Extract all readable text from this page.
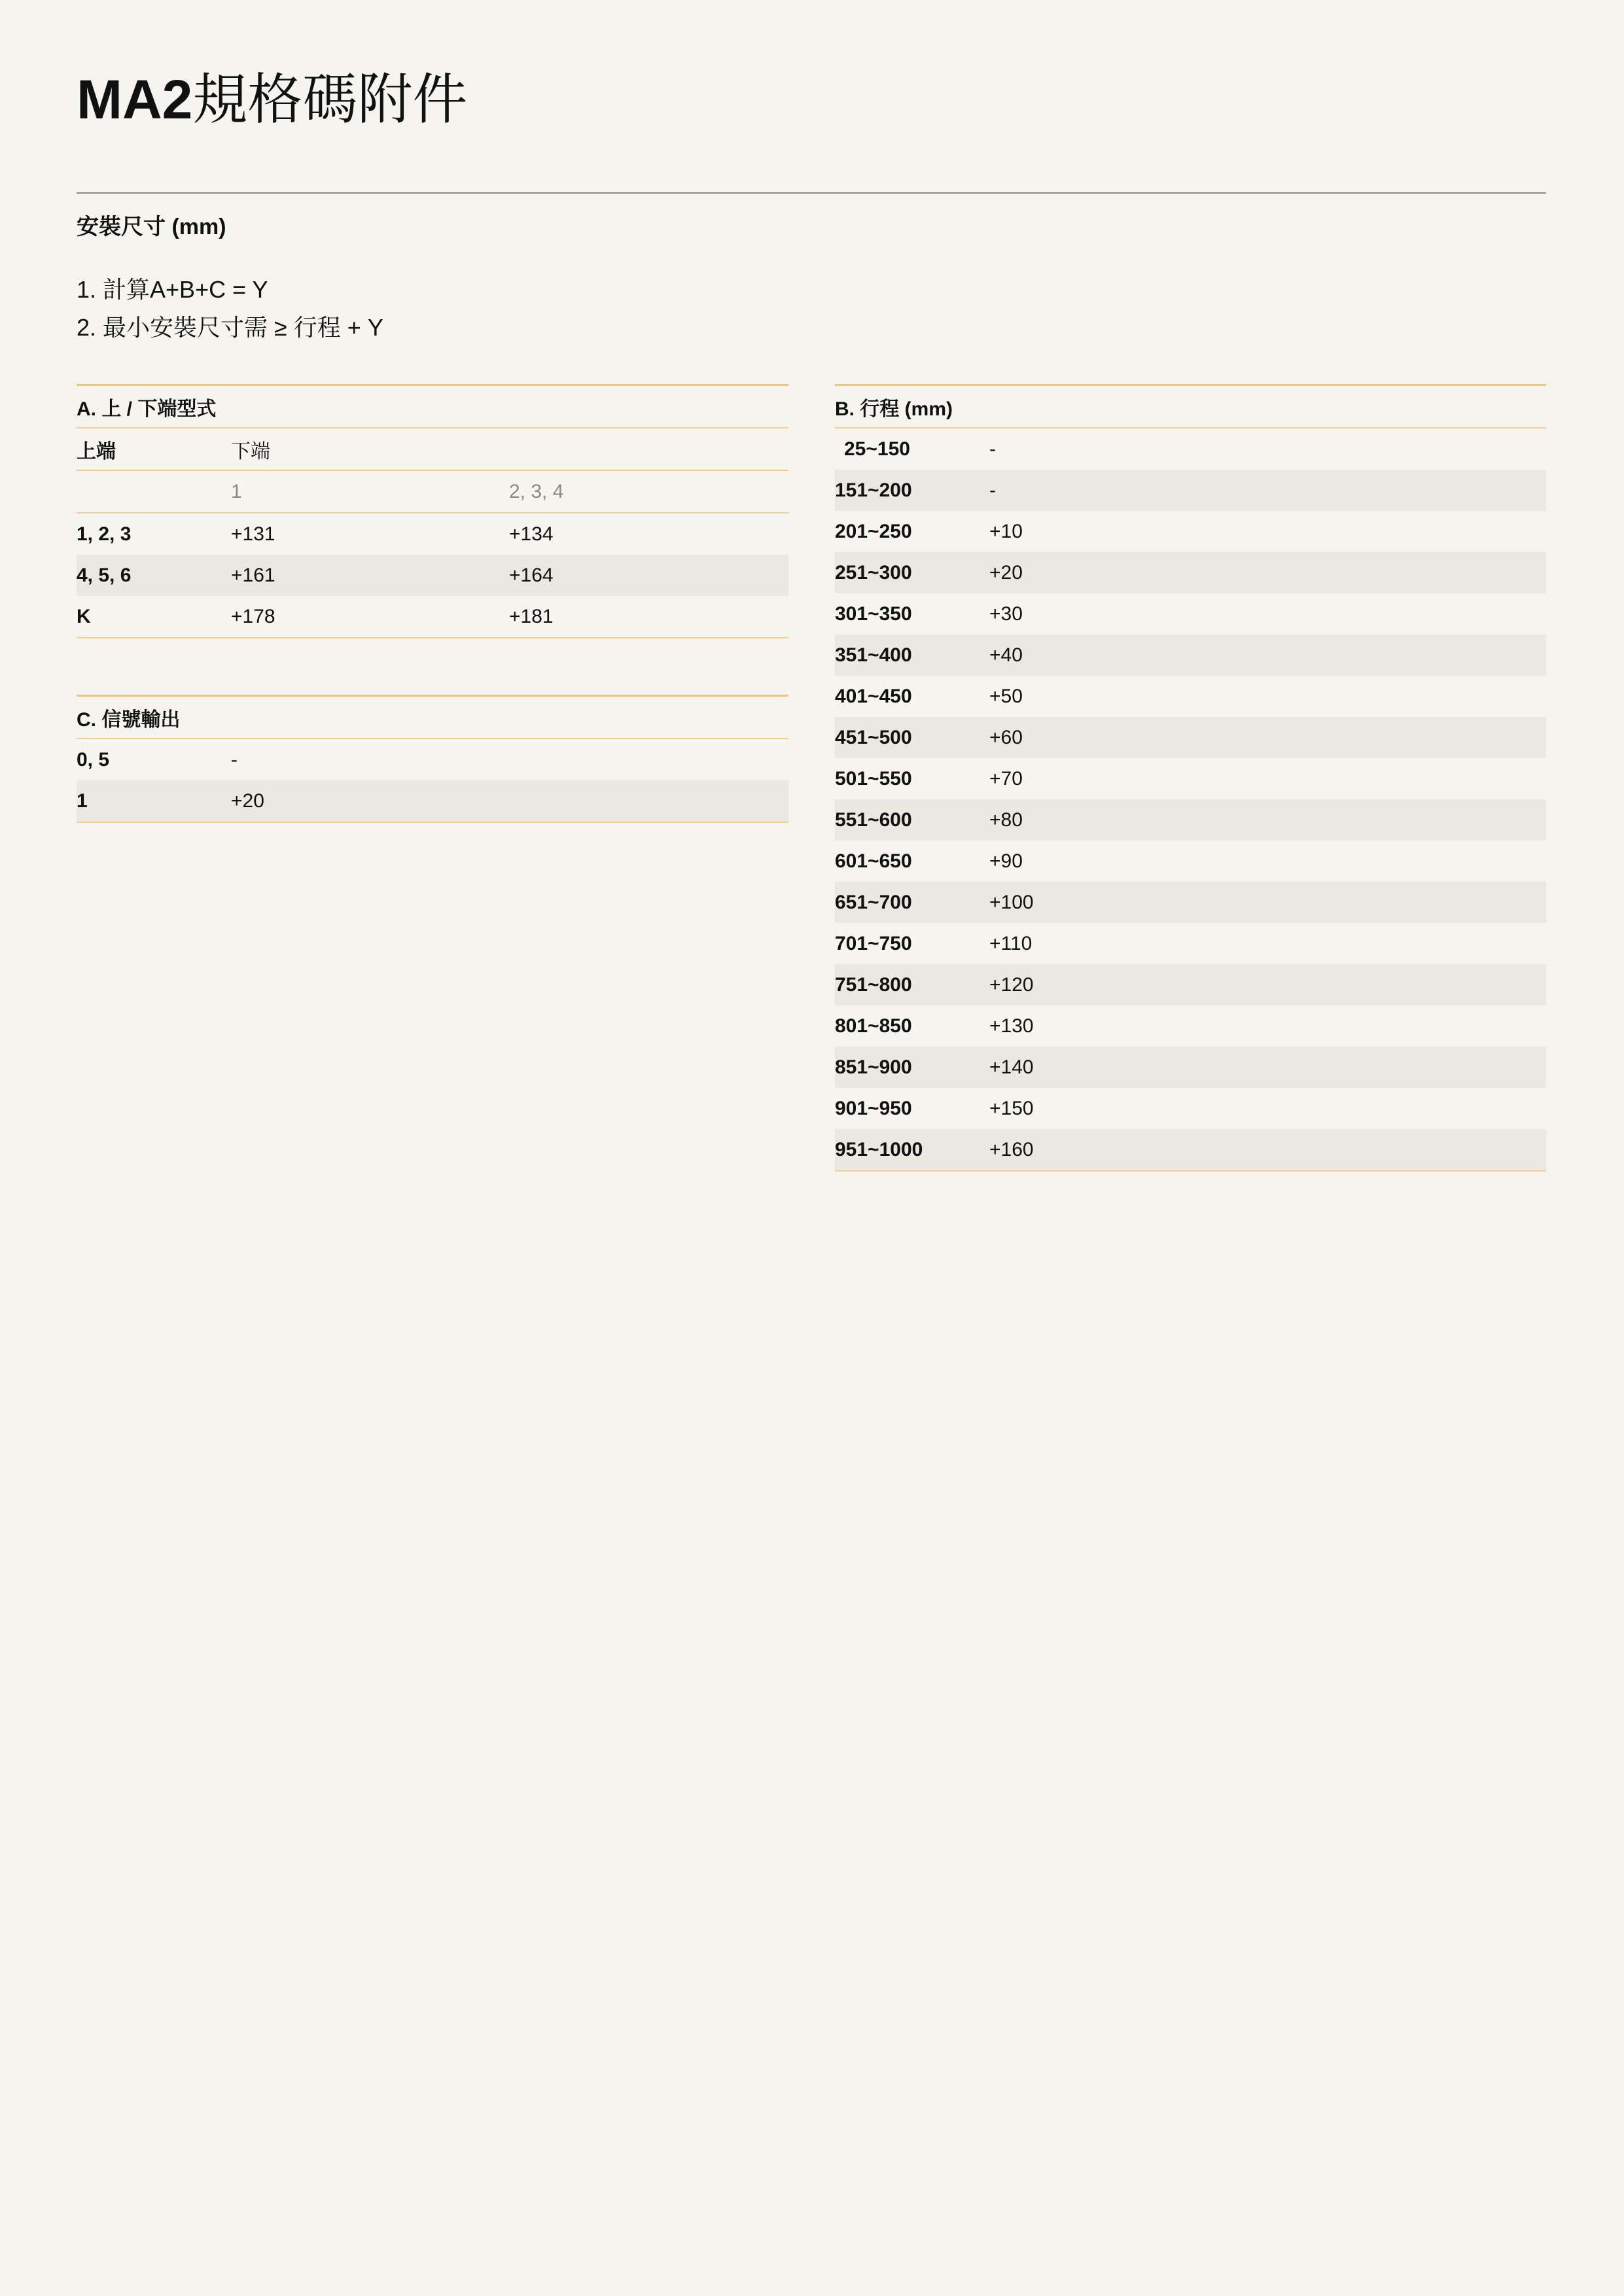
MA2規格碼附件
安裝尺寸 (mm)
1. 計算A+B+C = Y
2. 最小安裝尺寸需 ≥ 行程 + Y
A. 上 / 下端型式		
上端	下端	
	1	2, 3, 4
1, 2, 3	+131	+134
4, 5, 6	+161	+164
K	+178	+181
C. 信號輸出	
0, 5	-
1	+20
B. 行程 (mm)	
25~150	-
151~200	-
201~250	+10
251~300	+20
301~350	+30
351~400	+40
401~450	+50
451~500	+60
501~550	+70
551~600	+80
601~650	+90
651~700	+100
701~750	+110
751~800	+120
801~850	+130
851~900	+140
901~950	+150
951~1000	+160
